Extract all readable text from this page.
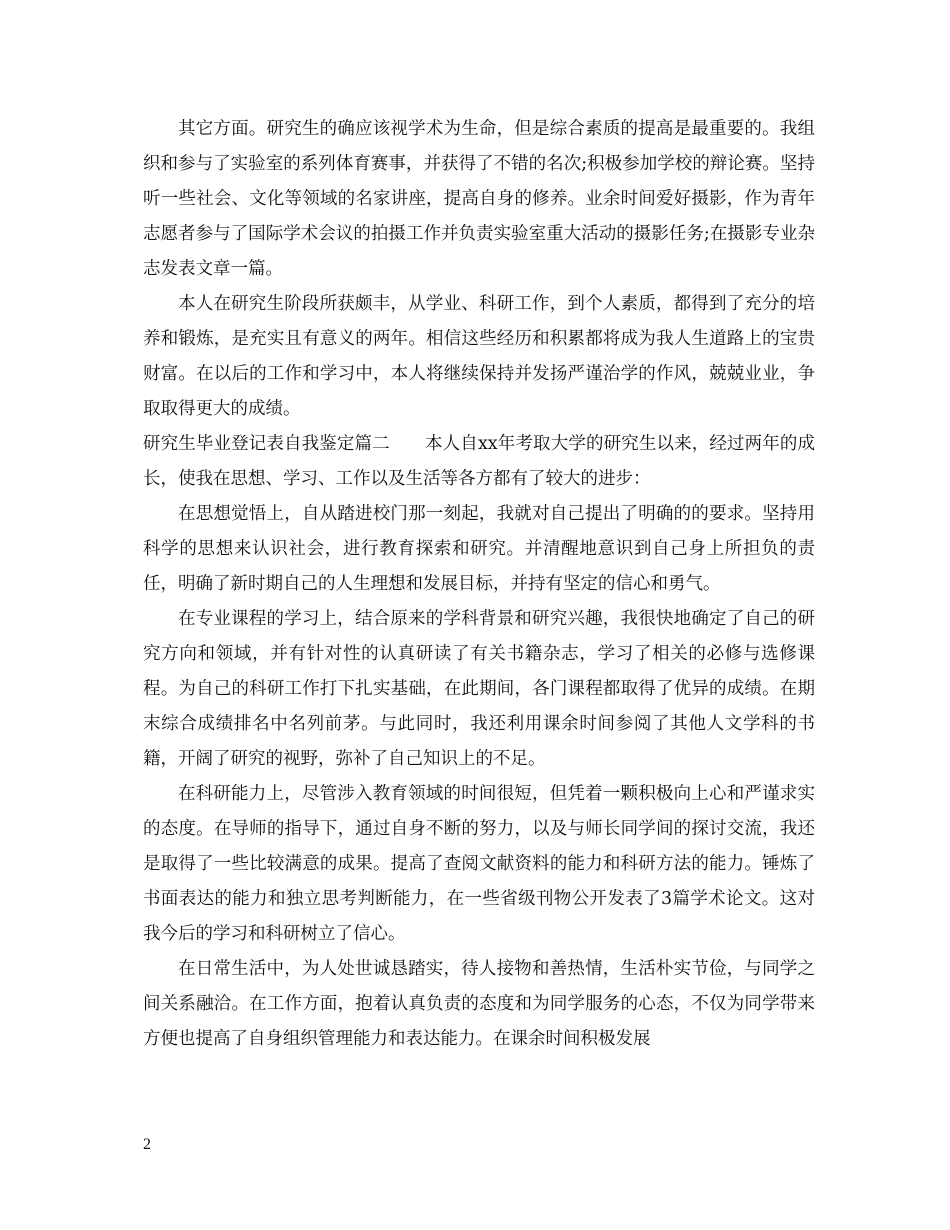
其它方面。研究生的确应该视学术为生命，但是综合素质的提高是最重要的。我组织和参与了实验室的系列体育赛事，并获得了不错的名次;积极参加学校的辩论赛。坚持听一些社会、文化等领域的名家讲座，提高自身的修养。业余时间爱好摄影，作为青年志愿者参与了国际学术会议的拍摄工作并负责实验室重大活动的摄影任务;在摄影专业杂志发表文章一篇。

本人在研究生阶段所获颇丰，从学业、科研工作，到个人素质，都得到了充分的培养和锻炼，是充实且有意义的两年。相信这些经历和积累都将成为我人生道路上的宝贵财富。在以后的工作和学习中，本人将继续保持并发扬严谨治学的作风，兢兢业业，争取取得更大的成绩。

研究生毕业登记表自我鉴定篇二　　本人自xx年考取大学的研究生以来，经过两年的成长，使我在思想、学习、工作以及生活等各方都有了较大的进步：

在思想觉悟上，自从踏进校门那一刻起，我就对自己提出了明确的的要求。坚持用科学的思想来认识社会，进行教育探索和研究。并清醒地意识到自己身上所担负的责任，明确了新时期自己的人生理想和发展目标，并持有坚定的信心和勇气。

在专业课程的学习上，结合原来的学科背景和研究兴趣，我很快地确定了自己的研究方向和领域，并有针对性的认真研读了有关书籍杂志，学习了相关的必修与选修课程。为自己的科研工作打下扎实基础，在此期间，各门课程都取得了优异的成绩。在期末综合成绩排名中名列前茅。与此同时，我还利用课余时间参阅了其他人文学科的书籍，开阔了研究的视野，弥补了自己知识上的不足。

在科研能力上，尽管涉入教育领域的时间很短，但凭着一颗积极向上心和严谨求实的态度。在导师的指导下，通过自身不断的努力，以及与师长同学间的探讨交流，我还是取得了一些比较满意的成果。提高了查阅文献资料的能力和科研方法的能力。锤炼了书面表达的能力和独立思考判断能力，在一些省级刊物公开发表了3篇学术论文。这对我今后的学习和科研树立了信心。

在日常生活中，为人处世诚恳踏实，待人接物和善热情，生活朴实节俭，与同学之间关系融洽。在工作方面，抱着认真负责的态度和为同学服务的心态，不仅为同学带来方便也提高了自身组织管理能力和表达能力。在课余时间积极发展

2
